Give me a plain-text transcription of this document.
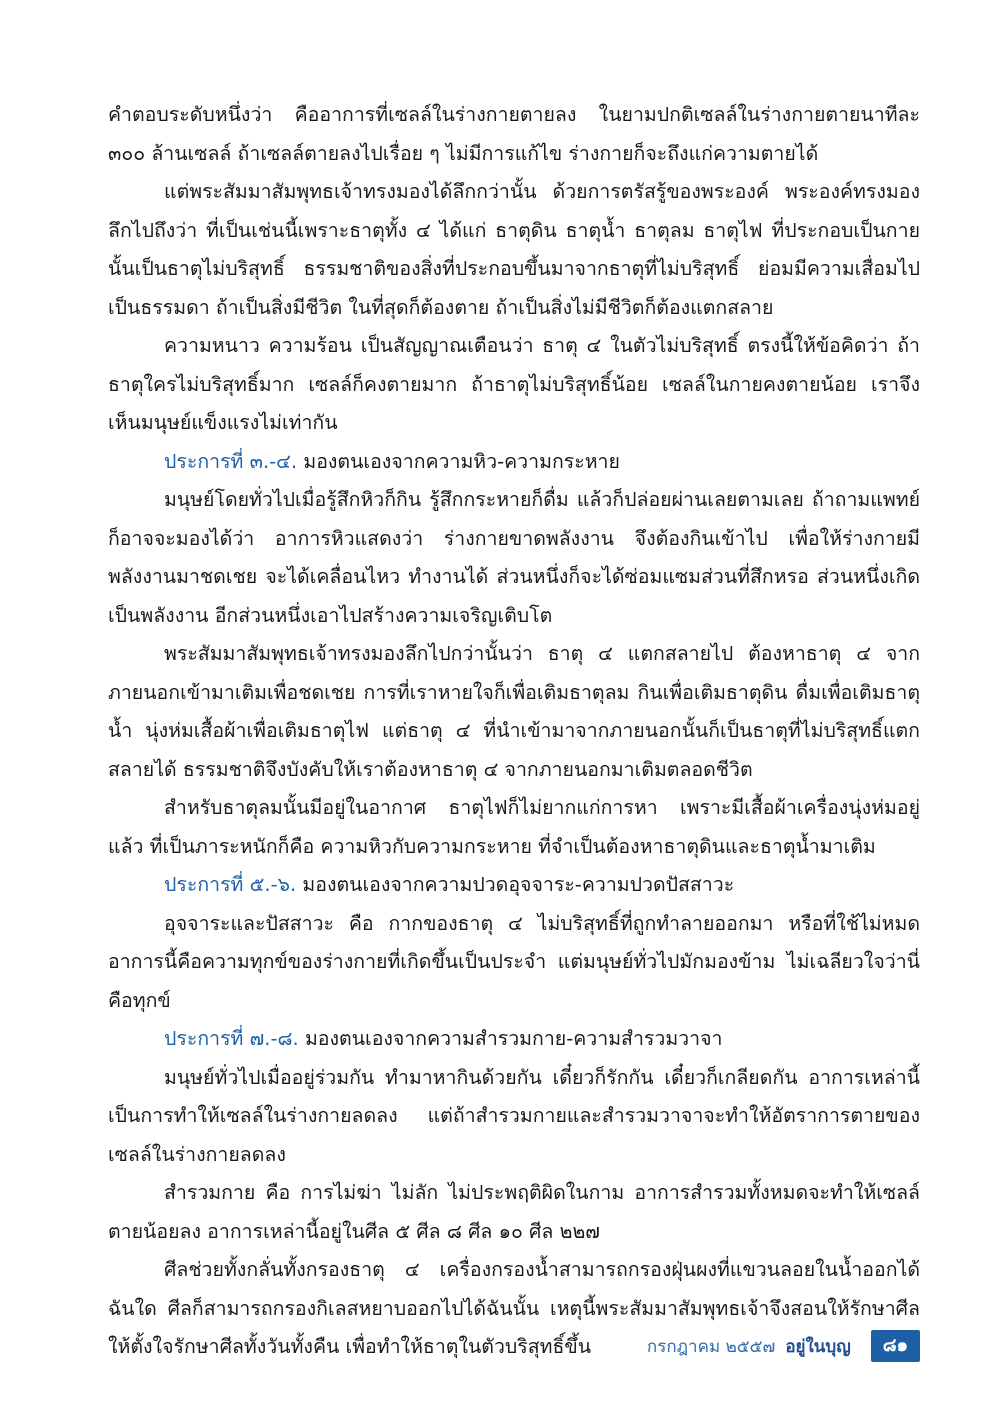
คำตอบระดับหนึ่งว่า คืออาการที่เซลล์ในร่างกายตายลง ในยามปกติเซลล์ในร่างกายตายนาทีละ ๓๐๐ ล้านเซลล์ ถ้าเซลล์ตายลงไปเรื่อย ๆ ไม่มีการแก้ไข ร่างกายก็จะถึงแก่ความตายได้

แต่พระสัมมาสัมพุทธเจ้าทรงมองได้ลึกกว่านั้น ด้วยการตรัสรู้ของพระองค์ พระองค์ทรงมองลึกไปถึงว่า ที่เป็นเช่นนี้เพราะธาตุทั้ง ๔ ได้แก่ ธาตุดิน ธาตุน้ำ ธาตุลม ธาตุไฟ ที่ประกอบเป็นกายนั้นเป็นธาตุไม่บริสุทธิ์ ธรรมชาติของสิ่งที่ประกอบขึ้นมาจากธาตุที่ไม่บริสุทธิ์ ย่อมมีความเสื่อมไปเป็นธรรมดา ถ้าเป็นสิ่งมีชีวิต ในที่สุดก็ต้องตาย ถ้าเป็นสิ่งไม่มีชีวิตก็ต้องแตกสลาย

ความหนาว ความร้อน เป็นสัญญาณเตือนว่า ธาตุ ๔ ในตัวไม่บริสุทธิ์ ตรงนี้ให้ข้อคิดว่า ถ้าธาตุใครไม่บริสุทธิ์มาก เซลล์ก็คงตายมาก ถ้าธาตุไม่บริสุทธิ์น้อย เซลล์ในกายคงตายน้อย เราจึงเห็นมนุษย์แข็งแรงไม่เท่ากัน

ประการที่ ๓.-๔. มองตนเองจากความหิว-ความกระหาย

มนุษย์โดยทั่วไปเมื่อรู้สึกหิวก็กิน รู้สึกกระหายก็ดื่ม แล้วก็ปล่อยผ่านเลยตามเลย ถ้าถามแพทย์ก็อาจจะมองได้ว่า อาการหิวแสดงว่า ร่างกายขาดพลังงาน จึงต้องกินเข้าไป เพื่อให้ร่างกายมีพลังงานมาชดเชย จะได้เคลื่อนไหว ทำงานได้ ส่วนหนึ่งก็จะได้ซ่อมแซมส่วนที่สึกหรอ ส่วนหนึ่งเกิดเป็นพลังงาน อีกส่วนหนึ่งเอาไปสร้างความเจริญเติบโต

พระสัมมาสัมพุทธเจ้าทรงมองลึกไปกว่านั้นว่า ธาตุ ๔ แตกสลายไป ต้องหาธาตุ ๔ จากภายนอกเข้ามาเติมเพื่อชดเชย การที่เราหายใจก็เพื่อเติมธาตุลม กินเพื่อเติมธาตุดิน ดื่มเพื่อเติมธาตุน้ำ นุ่งห่มเสื้อผ้าเพื่อเติมธาตุไฟ แต่ธาตุ ๔ ที่นำเข้ามาจากภายนอกนั้นก็เป็นธาตุที่ไม่บริสุทธิ์แตกสลายได้ ธรรมชาติจึงบังคับให้เราต้องหาธาตุ ๔ จากภายนอกมาเติมตลอดชีวิต

สำหรับธาตุลมนั้นมีอยู่ในอากาศ ธาตุไฟก็ไม่ยากแก่การหา เพราะมีเสื้อผ้าเครื่องนุ่งห่มอยู่แล้ว ที่เป็นภาระหนักก็คือ ความหิวกับความกระหาย ที่จำเป็นต้องหาธาตุดินและธาตุน้ำมาเติม

ประการที่ ๕.-๖. มองตนเองจากความปวดอุจจาระ-ความปวดปัสสาวะ

อุจจาระและปัสสาวะ คือ กากของธาตุ ๔ ไม่บริสุทธิ์ที่ถูกทำลายออกมา หรือที่ใช้ไม่หมดอาการนี้คือความทุกข์ของร่างกายที่เกิดขึ้นเป็นประจำ แต่มนุษย์ทั่วไปมักมองข้าม ไม่เฉลียวใจว่านี่คือทุกข์

ประการที่ ๗.-๘. มองตนเองจากความสำรวมกาย-ความสำรวมวาจา

มนุษย์ทั่วไปเมื่ออยู่ร่วมกัน ทำมาหากินด้วยกัน เดี๋ยวก็รักกัน เดี๋ยวก็เกลียดกัน อาการเหล่านี้เป็นการทำให้เซลล์ในร่างกายลดลง แต่ถ้าสำรวมกายและสำรวมวาจาจะทำให้อัตราการตายของเซลล์ในร่างกายลดลง

สำรวมกาย คือ การไม่ฆ่า ไม่ลัก ไม่ประพฤติผิดในกาม อาการสำรวมทั้งหมดจะทำให้เซลล์ตายน้อยลง อาการเหล่านี้อยู่ในศีล ๕ ศีล ๘ ศีล ๑๐ ศีล ๒๒๗

ศีลช่วยทั้งกลั่นทั้งกรองธาตุ ๔ เครื่องกรองน้ำสามารถกรองฝุ่นผงที่แขวนลอยในน้ำออกได้ฉันใด ศีลก็สามารถกรองกิเลสหยาบออกไปได้ฉันนั้น เหตุนี้พระสัมมาสัมพุทธเจ้าจึงสอนให้รักษาศีล ให้ตั้งใจรักษาศีลทั้งวันทั้งคืน เพื่อทำให้ธาตุในตัวบริสุทธิ์ขึ้น	กรกฎาคม ๒๕๕๗ อยู่ในบุญ	๘๑
